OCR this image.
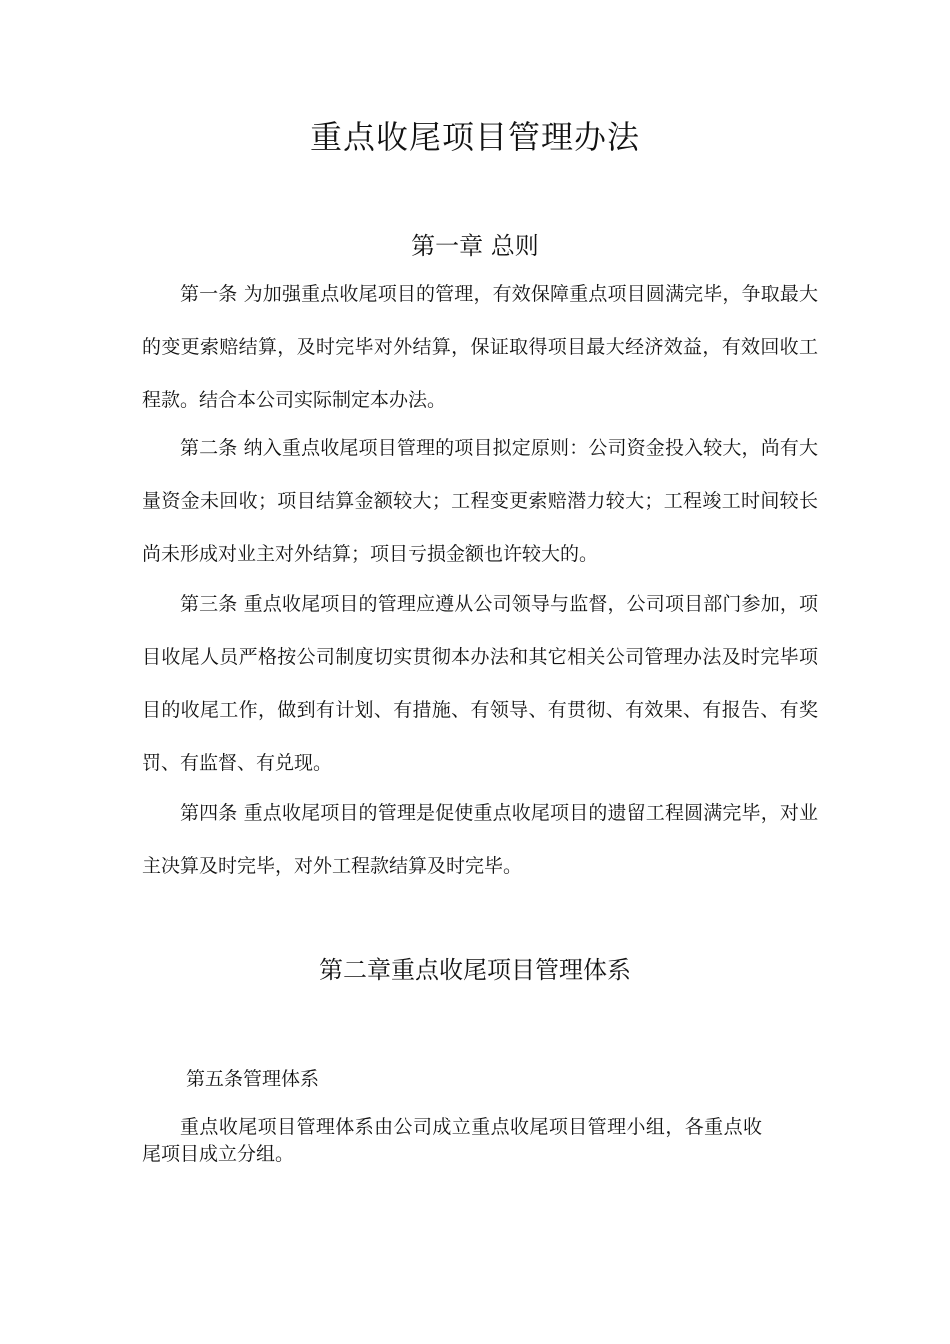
重点收尾项目管理办法
第一章 总则

第一条 为加强重点收尾项目的管理，有效保障重点项目圆满完毕，争取最大的变更索赔结算，及时完毕对外结算，保证取得项目最大经济效益，有效回收工程款。结合本公司实际制定本办法。

第二条 纳入重点收尾项目管理的项目拟定原则：公司资金投入较大，尚有大量资金未回收；项目结算金额较大；工程变更索赔潜力较大；工程竣工时间较长尚未形成对业主对外结算；项目亏损金额也许较大的。

第三条 重点收尾项目的管理应遵从公司领导与监督，公司项目部门参加，项目收尾人员严格按公司制度切实贯彻本办法和其它相关公司管理办法及时完毕项目的收尾工作，做到有计划、有措施、有领导、有贯彻、有效果、有报告、有奖罚、有监督、有兑现。

第四条 重点收尾项目的管理是促使重点收尾项目的遗留工程圆满完毕，对业主决算及时完毕，对外工程款结算及时完毕。

第二章重点收尾项目管理体系
第五条管理体系

重点收尾项目管理体系由公司成立重点收尾项目管理小组，各重点收尾项目成立分组。
